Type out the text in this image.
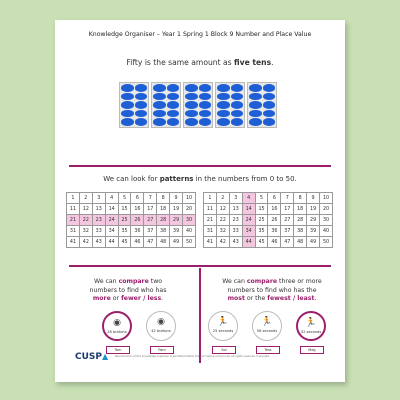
Knowledge Organiser – Year 1 Spring 1 Block 9 Number and Place Value
Fifty is the same amount as five tens.
We can look for patterns in the numbers from 0 to 50.
1	2	3	4	5	6	7	8	9	10
11	12	13	14	15	16	17	18	19	20
21	22	23	24	25	26	27	28	29	30
31	32	33	34	35	36	37	38	39	40
41	42	43	44	45	46	47	48	49	50
1	2	3	4	5	6	7	8	9	10
11	12	13	14	15	16	17	18	19	20
21	22	23	24	25	26	27	28	29	30
31	32	33	34	35	36	37	38	39	40
41	42	43	44	45	46	47	48	49	50
We can compare two
numbers to find who has
more or fewer / less.
We can compare three or more
numbers to find who has the
most or the fewest / least.
◉
28 buttons
Tom
◉
42 buttons
Pam
🏃
25 seconds
Sol
🏃
58 seconds
Tess
🏃
32 seconds
Meg
CUSP▲	Reproduction of this knowledge organiser is permitted within the purchasing school only. All rights reserved. Copyright.
